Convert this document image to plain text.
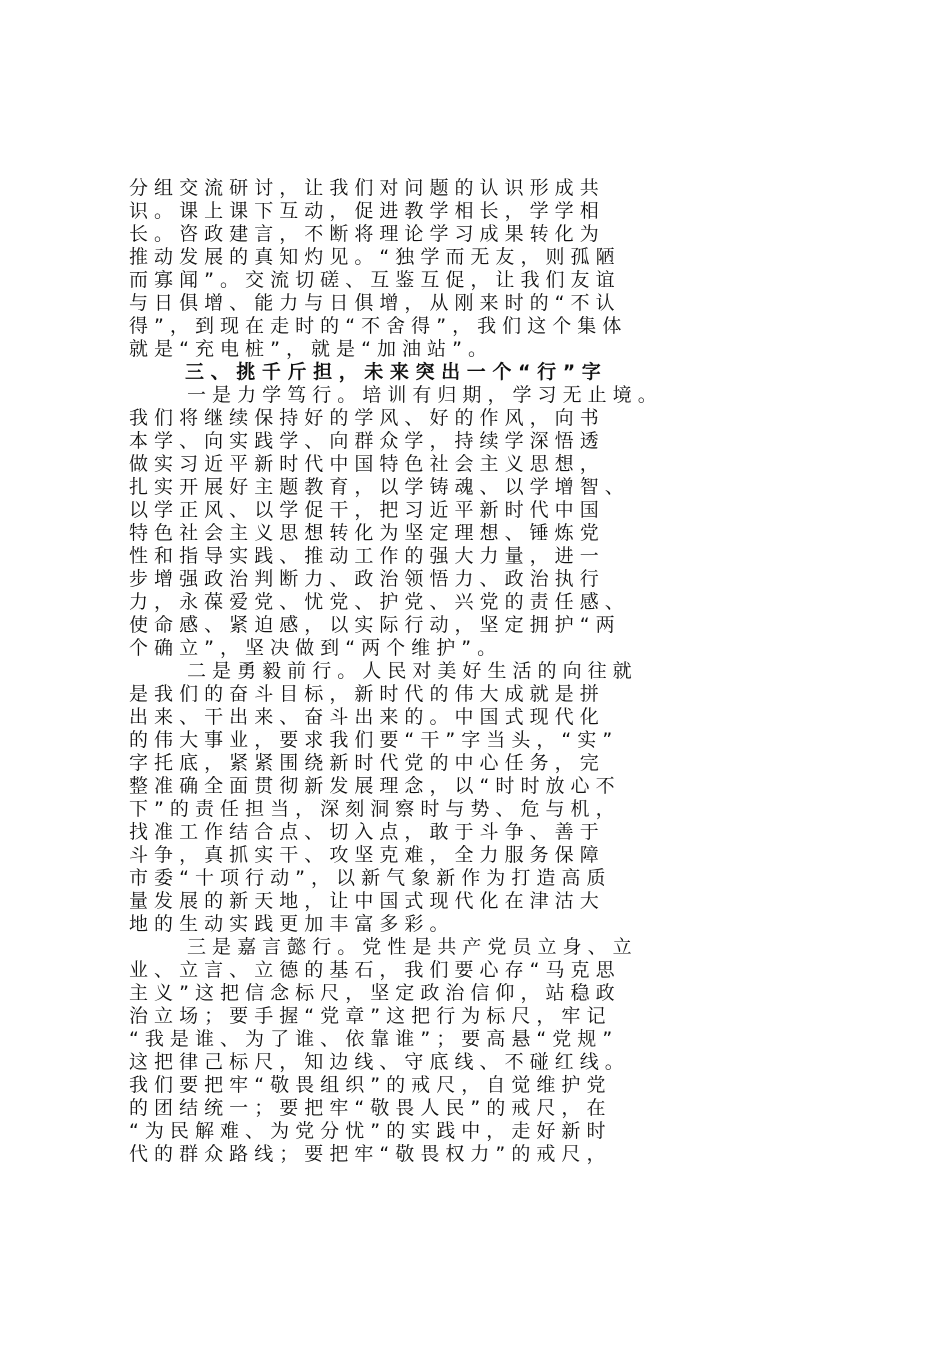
分 组 交 流 研 讨 ， 让 我 们 对 问 题 的 认 识 形 成 共
识 。 课 上 课 下 互 动 ， 促 进 教 学 相 长 ， 学 学 相
长 。 咨 政 建 言 ， 不 断 将 理 论 学 习 成 果 转 化 为
推 动 发 展 的 真 知 灼 见 。 “ 独 学 而 无 友 ， 则 孤 陋
而 寡 闻 ” 。 交 流 切 磋 、 互 鉴 互 促 ， 让 我 们 友 谊
与 日 俱 增 、 能 力 与 日 俱 增 ， 从 刚 来 时 的 “ 不 认
得 ” ， 到 现 在 走 时 的 “ 不 舍 得 ” ， 我 们 这 个 集 体
就 是 “ 充 电 桩 ” ， 就 是 “ 加 油 站 ” 。
三 、 挑 千 斤 担 ， 未 来 突 出 一 个 “ 行 ” 字
一 是 力 学 笃 行 。 培 训 有 归 期 ， 学 习 无 止 境 。
我 们 将 继 续 保 持 好 的 学 风 、 好 的 作 风 ， 向 书
本 学 、 向 实 践 学 、 向 群 众 学 ， 持 续 学 深 悟 透
做 实 习 近 平 新 时 代 中 国 特 色 社 会 主 义 思 想 ，
扎 实 开 展 好 主 题 教 育 ， 以 学 铸 魂 、 以 学 增 智 、
以 学 正 风 、 以 学 促 干 ， 把 习 近 平 新 时 代 中 国
特 色 社 会 主 义 思 想 转 化 为 坚 定 理 想 、 锤 炼 党
性 和 指 导 实 践 、 推 动 工 作 的 强 大 力 量 ， 进 一
步 增 强 政 治 判 断 力 、 政 治 领 悟 力 、 政 治 执 行
力 ， 永 葆 爱 党 、 忧 党 、 护 党 、 兴 党 的 责 任 感 、
使 命 感 、 紧 迫 感 ， 以 实 际 行 动 ， 坚 定 拥 护 “ 两
个 确 立 ” ， 坚 决 做 到 “ 两 个 维 护 ” 。
二 是 勇 毅 前 行 。 人 民 对 美 好 生 活 的 向 往 就
是 我 们 的 奋 斗 目 标 ， 新 时 代 的 伟 大 成 就 是 拼
出 来 、 干 出 来 、 奋 斗 出 来 的 。 中 国 式 现 代 化
的 伟 大 事 业 ， 要 求 我 们 要 “ 干 ” 字 当 头 ， “ 实 ”
字 托 底 ， 紧 紧 围 绕 新 时 代 党 的 中 心 任 务 ， 完
整 准 确 全 面 贯 彻 新 发 展 理 念 ， 以 “ 时 时 放 心 不
下 ” 的 责 任 担 当 ， 深 刻 洞 察 时 与 势 、 危 与 机 ，
找 准 工 作 结 合 点 、 切 入 点 ， 敢 于 斗 争 、 善 于
斗 争 ， 真 抓 实 干 、 攻 坚 克 难 ， 全 力 服 务 保 障
市 委 “ 十 项 行 动 ” ， 以 新 气 象 新 作 为 打 造 高 质
量 发 展 的 新 天 地 ， 让 中 国 式 现 代 化 在 津 沽 大
地 的 生 动 实 践 更 加 丰 富 多 彩 。
三 是 嘉 言 懿 行 。 党 性 是 共 产 党 员 立 身 、 立
业 、 立 言 、 立 德 的 基 石 ， 我 们 要 心 存 “ 马 克 思
主 义 ” 这 把 信 念 标 尺 ， 坚 定 政 治 信 仰 ， 站 稳 政
治 立 场 ； 要 手 握 “ 党 章 ” 这 把 行 为 标 尺 ， 牢 记
“ 我 是 谁 、 为 了 谁 、 依 靠 谁 ” ； 要 高 悬 “ 党 规 ”
这 把 律 己 标 尺 ， 知 边 线 、 守 底 线 、 不 碰 红 线 。
我 们 要 把 牢 “ 敬 畏 组 织 ” 的 戒 尺 ， 自 觉 维 护 党
的 团 结 统 一 ； 要 把 牢 “ 敬 畏 人 民 ” 的 戒 尺 ， 在
“ 为 民 解 难 、 为 党 分 忧 ” 的 实 践 中 ， 走 好 新 时
代 的 群 众 路 线 ； 要 把 牢 “ 敬 畏 权 力 ” 的 戒 尺 ，
